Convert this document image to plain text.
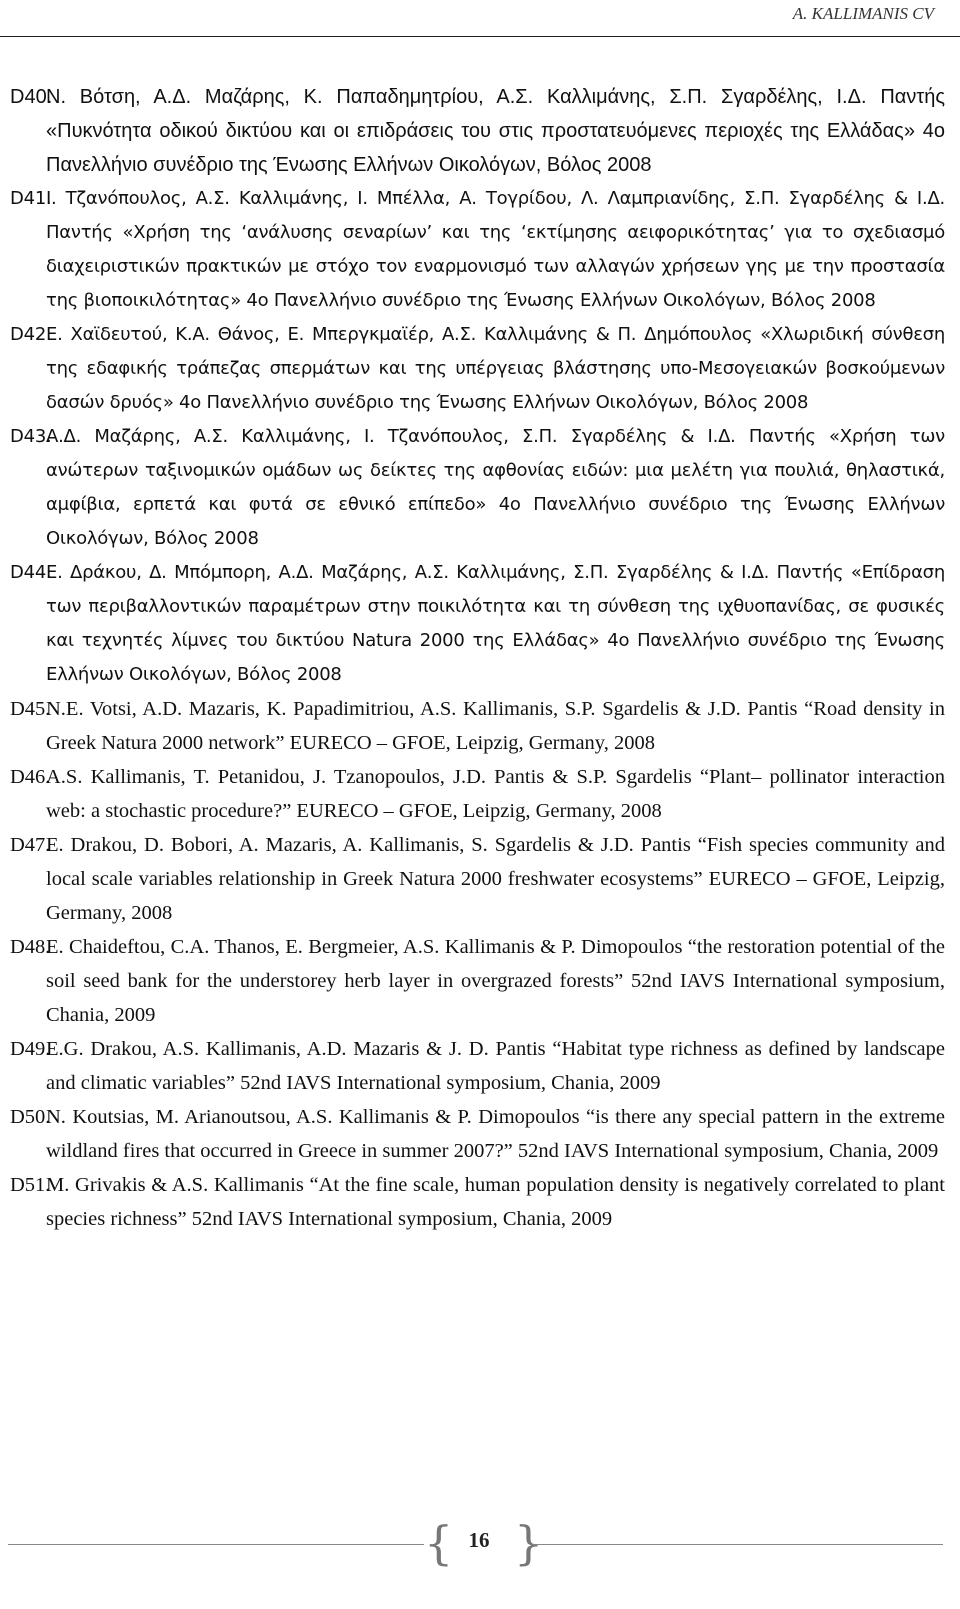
A. KALLIMANIS CV
D40.
Ν. Βότση, Α.Δ. Μαζάρης, Κ. Παπαδημητρίου, Α.Σ. Καλλιμάνης, Σ.Π. Σγαρδέλης, Ι.Δ. Παντής «Πυκνότητα οδικού δικτύου και οι επιδράσεις του στις προστατευόμενες περιοχές της Ελλάδας» 4ο Πανελλήνιο συνέδριο της Ένωσης Ελλήνων Οικολόγων, Βόλος 2008
D41.
Ι. Τζανόπουλος, Α.Σ. Καλλιμάνης, Ι. Μπέλλα, Α. Τογρίδου, Λ. Λαμπριανίδης, Σ.Π. Σγαρδέλης & Ι.Δ. Παντής «Χρήση της ‘ανάλυσης σεναρίων’ και της ‘εκτίμησης αειφορικότητας’ για το σχεδιασμό διαχειριστικών πρακτικών με στόχο τον εναρμονισμό των αλλαγών χρήσεων γης με την προστασία της βιοποικιλότητας» 4ο Πανελλήνιο συνέδριο της Ένωσης Ελλήνων Οικολόγων, Βόλος 2008
D42.
Ε. Χαϊδευτού, Κ.Α. Θάνος, Ε. Μπεργκμαϊέρ, Α.Σ. Καλλιμάνης & Π. Δημόπουλος «Χλωριδική σύνθεση της εδαφικής τράπεζας σπερμάτων και της υπέργειας βλάστησης υπο-Μεσογειακών βοσκούμενων δασών δρυός» 4ο Πανελλήνιο συνέδριο της Ένωσης Ελλήνων Οικολόγων, Βόλος 2008
D43.
Α.Δ. Μαζάρης, Α.Σ. Καλλιμάνης, Ι. Τζανόπουλος, Σ.Π. Σγαρδέλης & Ι.Δ. Παντής «Χρήση των ανώτερων ταξινομικών ομάδων ως δείκτες της αφθονίας ειδών: μια μελέτη για πουλιά, θηλαστικά, αμφίβια, ερπετά και φυτά σε εθνικό επίπεδο» 4ο Πανελλήνιο συνέδριο της Ένωσης Ελλήνων Οικολόγων, Βόλος 2008
D44.
Ε. Δράκου, Δ. Μπόμπορη, Α.Δ. Μαζάρης, Α.Σ. Καλλιμάνης, Σ.Π. Σγαρδέλης & Ι.Δ. Παντής «Επίδραση των περιβαλλοντικών παραμέτρων στην ποικιλότητα και τη σύνθεση της ιχθυοπανίδας, σε φυσικές και τεχνητές λίμνες του δικτύου Natura 2000 της Ελλάδας» 4ο Πανελλήνιο συνέδριο της Ένωσης Ελλήνων Οικολόγων, Βόλος 2008
D45.
N.E. Votsi, A.D. Mazaris, K. Papadimitriou, A.S. Kallimanis, S.P. Sgardelis & J.D. Pantis “Road density in Greek Natura 2000 network” EURECO – GFOE, Leipzig, Germany, 2008
D46.
A.S. Kallimanis, T. Petanidou, J. Tzanopoulos, J.D. Pantis & S.P. Sgardelis “Plant– pollinator interaction web: a stochastic procedure?” EURECO – GFOE, Leipzig, Germany, 2008
D47.
E. Drakou, D. Bobori, A. Mazaris, A. Kallimanis, S. Sgardelis & J.D. Pantis “Fish species community and local scale variables relationship in Greek Natura 2000 freshwater ecosystems” EURECO – GFOE, Leipzig, Germany, 2008
D48.
E. Chaideftou, C.A. Thanos, E. Bergmeier, A.S. Kallimanis & P. Dimopoulos “the restoration potential of the soil seed bank for the understorey herb layer in overgrazed forests” 52nd IAVS International symposium, Chania, 2009
D49.
E.G. Drakou, A.S. Kallimanis, A.D. Mazaris & J. D. Pantis “Habitat type richness as defined by landscape and climatic variables” 52nd IAVS International symposium, Chania, 2009
D50.
N. Koutsias, M. Arianoutsou, A.S. Kallimanis & P. Dimopoulos “is there any special pattern in the extreme wildland fires that occurred in Greece in summer 2007?” 52nd IAVS International symposium, Chania, 2009
D51.
M. Grivakis & A.S. Kallimanis “At the fine scale, human population density is negatively correlated to plant species richness” 52nd IAVS International symposium, Chania, 2009
{ 16 }
